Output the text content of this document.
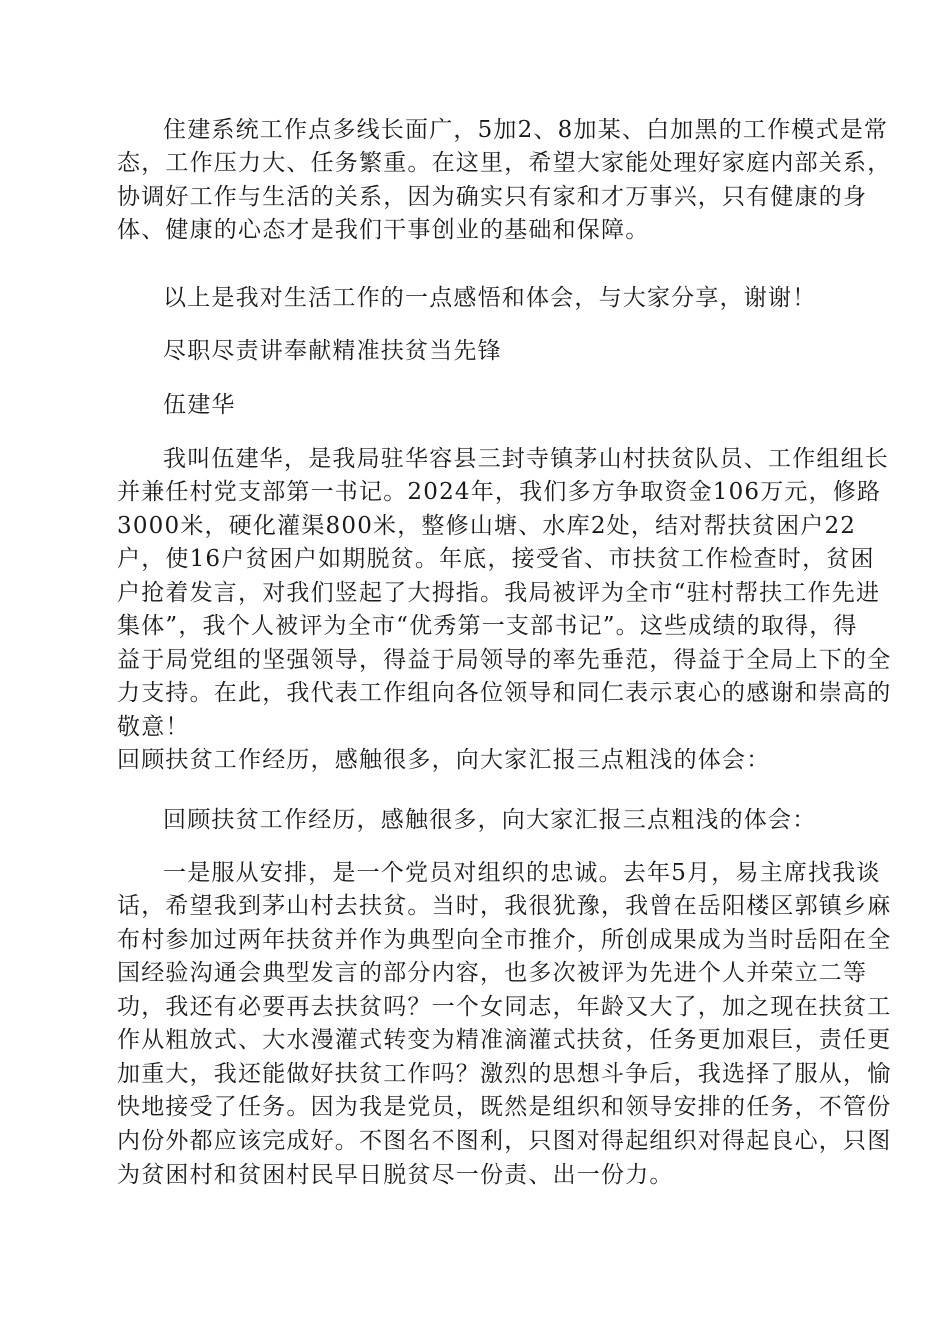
住建系统工作点多线长面广，5加2、8加某、白加黑的工作模式是常

态，工作压力大、任务繁重。在这里，希望大家能处理好家庭内部关系，

协调好工作与生活的关系，因为确实只有家和才万事兴，只有健康的身

体、健康的心态才是我们干事创业的基础和保障。

以上是我对生活工作的一点感悟和体会，与大家分享，谢谢！

尽职尽责讲奉献精准扶贫当先锋

伍建华

我叫伍建华，是我局驻华容县三封寺镇茅山村扶贫队员、工作组组长

并兼任村党支部第一书记。2024年，我们多方争取资金106万元，修路

3000米，硬化灌渠800米，整修山塘、水库2处，结对帮扶贫困户22

户，使16户贫困户如期脱贫。年底，接受省、市扶贫工作检查时，贫困

户抢着发言，对我们竖起了大拇指。我局被评为全市“驻村帮扶工作先进

集体”，我个人被评为全市“优秀第一支部书记”。这些成绩的取得，得

益于局党组的坚强领导，得益于局领导的率先垂范，得益于全局上下的全

力支持。在此，我代表工作组向各位领导和同仁表示衷心的感谢和崇高的

敬意！

回顾扶贫工作经历，感触很多，向大家汇报三点粗浅的体会：

回顾扶贫工作经历，感触很多，向大家汇报三点粗浅的体会：

一是服从安排，是一个党员对组织的忠诚。去年5月，易主席找我谈

话，希望我到茅山村去扶贫。当时，我很犹豫，我曾在岳阳楼区郭镇乡麻

布村参加过两年扶贫并作为典型向全市推介，所创成果成为当时岳阳在全

国经验沟通会典型发言的部分内容，也多次被评为先进个人并荣立二等

功，我还有必要再去扶贫吗？一个女同志，年龄又大了，加之现在扶贫工

作从粗放式、大水漫灌式转变为精准滴灌式扶贫，任务更加艰巨，责任更

加重大，我还能做好扶贫工作吗？激烈的思想斗争后，我选择了服从，愉

快地接受了任务。因为我是党员，既然是组织和领导安排的任务，不管份

内份外都应该完成好。不图名不图利，只图对得起组织对得起良心，只图

为贫困村和贫困村民早日脱贫尽一份责、出一份力。
